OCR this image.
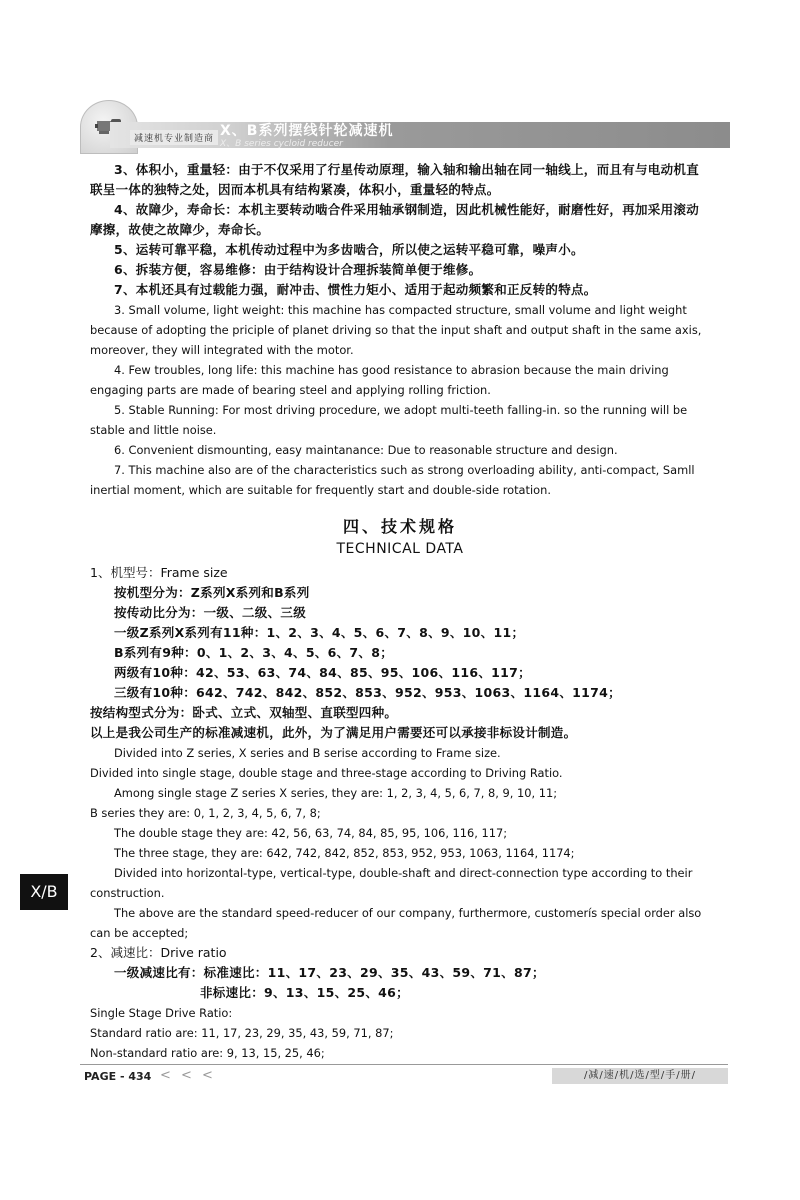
减速机专业制造商 X、B系列摆线针轮减速机
X、B series cycloid reducer

3、体积小，重量轻：由于不仅采用了行星传动原理，输入轴和输出轴在同一轴线上，而且有与电动机直联呈一体的独特之处，因而本机具有结构紧凑，体积小，重量轻的特点。

4、故障少，寿命长：本机主要转动啮合件采用轴承钢制造，因此机械性能好，耐磨性好，再加采用滚动摩擦，故使之故障少，寿命长。

5、运转可靠平稳，本机传动过程中为多齿啮合，所以使之运转平稳可靠，噪声小。

6、拆装方便，容易维修：由于结构设计合理拆装简单便于维修。

7、本机还具有过载能力强，耐冲击、惯性力矩小、适用于起动频繁和正反转的特点。

3. Small volume, light weight: this machine has compacted structure, small volume and light weight because of adopting the priciple of planet driving so that the input shaft and output shaft in the same axis, moreover, they will integrated with the motor.

4. Few troubles, long life: this machine has good resistance to abrasion because the main driving engaging parts are made of bearing steel and applying rolling friction.

5. Stable Running: For most driving procedure, we adopt multi-teeth falling-in. so the running will be stable and little noise.

6. Convenient dismounting, easy maintanance: Due to reasonable structure and design.

7. This machine also are of the characteristics such as strong overloading ability, anti-compact, Samll inertial moment, which are suitable for frequently start and double-side rotation.

四、技术规格
TECHNICAL DATA

1、机型号：Frame size

按机型分为：Z系列X系列和B系列

按传动比分为：一级、二级、三级

一级Z系列X系列有11种：1、2、3、4、5、6、7、8、9、10、11；

B系列有9种：0、1、2、3、4、5、6、7、8；

两级有10种：42、53、63、74、84、85、95、106、116、117；

三级有10种：642、742、842、852、853、952、953、1063、1164、1174；

按结构型式分为：卧式、立式、双轴型、直联型四种。

以上是我公司生产的标准减速机，此外，为了满足用户需要还可以承接非标设计制造。

Divided into Z series, X series and B serise according to Frame size.

Divided into single stage, double stage and three-stage according to Driving Ratio.

Among single stage Z series X series, they are: 1, 2, 3, 4, 5, 6, 7, 8, 9, 10, 11;

B series they are: 0, 1, 2, 3, 4, 5, 6, 7, 8;

The double stage they are: 42, 56, 63, 74, 84, 85, 95, 106, 116, 117;

The three stage, they are: 642, 742, 842, 852, 853, 952, 953, 1063, 1164, 1174;

Divided into horizontal-type, vertical-type, double-shaft and direct-connection type according to their construction.

The above are the standard speed-reducer of our company, furthermore, customerís special order also can be accepted;

2、减速比：Drive ratio

一级减速比有：标准速比：11、17、23、29、35、43、59、71、87；

非标速比：9、13、15、25、46；

Single Stage Drive Ratio:

Standard ratio are: 11, 17, 23, 29, 35, 43, 59, 71, 87;

Non-standard ratio are: 9, 13, 15, 25, 46;

X/B
PAGE - 434 < < <	/减/速/机/选/型/手/册/
